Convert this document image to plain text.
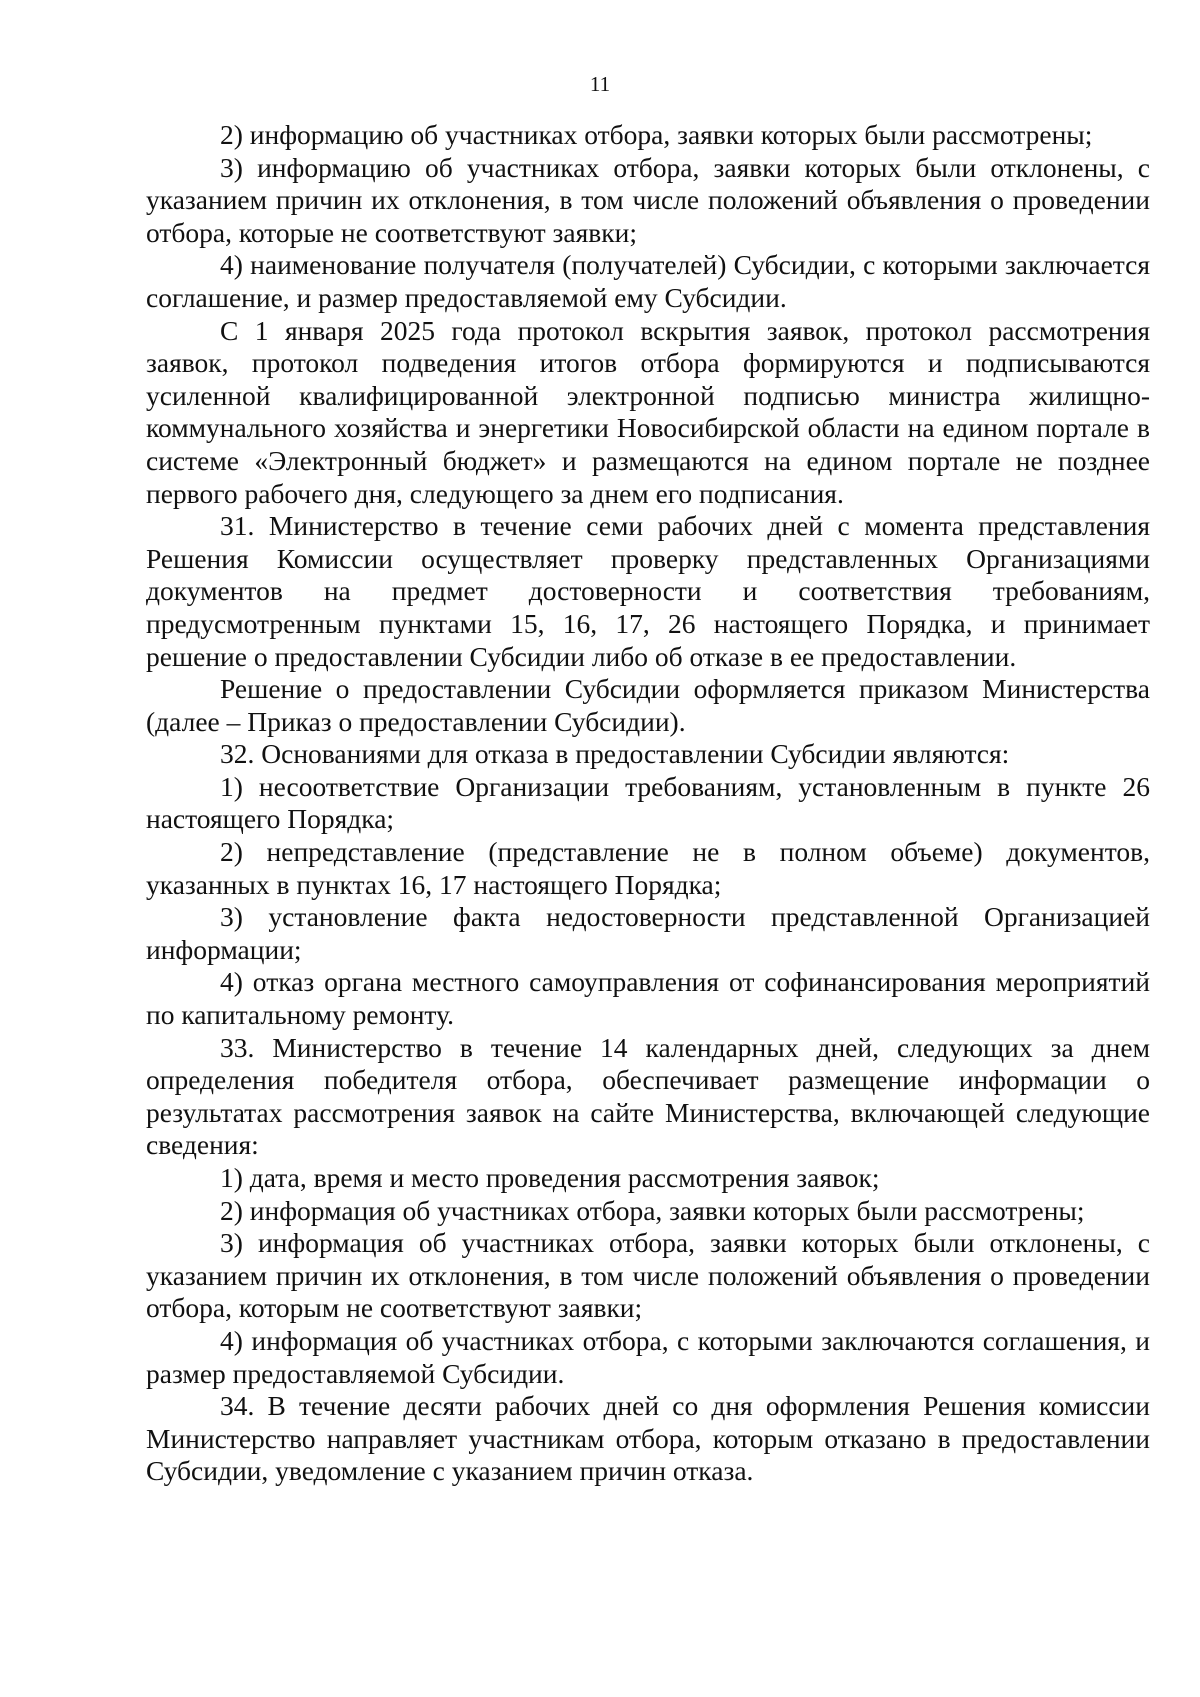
11

2) информацию об участниках отбора, заявки которых были рассмотрены;

3) информацию об участниках отбора, заявки которых были отклонены, с указанием причин их отклонения, в том числе положений объявления о проведении отбора, которые не соответствуют заявки;

4) наименование получателя (получателей) Субсидии, с которыми заключается соглашение, и размер предоставляемой ему Субсидии.

С 1 января 2025 года протокол вскрытия заявок, протокол рассмотрения заявок, протокол подведения итогов отбора формируются и подписываются усиленной квалифицированной электронной подписью министра жилищно-коммунального хозяйства и энергетики Новосибирской области на едином портале в системе «Электронный бюджет» и размещаются на едином портале не позднее первого рабочего дня, следующего за днем его подписания.

31. Министерство в течение семи рабочих дней с момента представления Решения Комиссии осуществляет проверку представленных Организациями документов на предмет достоверности и соответствия требованиям, предусмотренным пунктами 15, 16, 17, 26 настоящего Порядка, и принимает решение о предоставлении Субсидии либо об отказе в ее предоставлении.

Решение о предоставлении Субсидии оформляется приказом Министерства (далее – Приказ о предоставлении Субсидии).

32. Основаниями для отказа в предоставлении Субсидии являются:

1) несоответствие Организации требованиям, установленным в пункте 26 настоящего Порядка;

2) непредставление (представление не в полном объеме) документов, указанных в пунктах 16, 17 настоящего Порядка;

3) установление факта недостоверности представленной Организацией информации;

4) отказ органа местного самоуправления от софинансирования мероприятий по капитальному ремонту.

33. Министерство в течение 14 календарных дней, следующих за днем определения победителя отбора, обеспечивает размещение информации о результатах рассмотрения заявок на сайте Министерства, включающей следующие сведения:

1) дата, время и место проведения рассмотрения заявок;

2) информация об участниках отбора, заявки которых были рассмотрены;

3) информация об участниках отбора, заявки которых были отклонены, с указанием причин их отклонения, в том числе положений объявления о проведении отбора, которым не соответствуют заявки;

4) информация об участниках отбора, с которыми заключаются соглашения, и размер предоставляемой Субсидии.

34. В течение десяти рабочих дней со дня оформления Решения комиссии Министерство направляет участникам отбора, которым отказано в предоставлении Субсидии, уведомление с указанием причин отказа.
